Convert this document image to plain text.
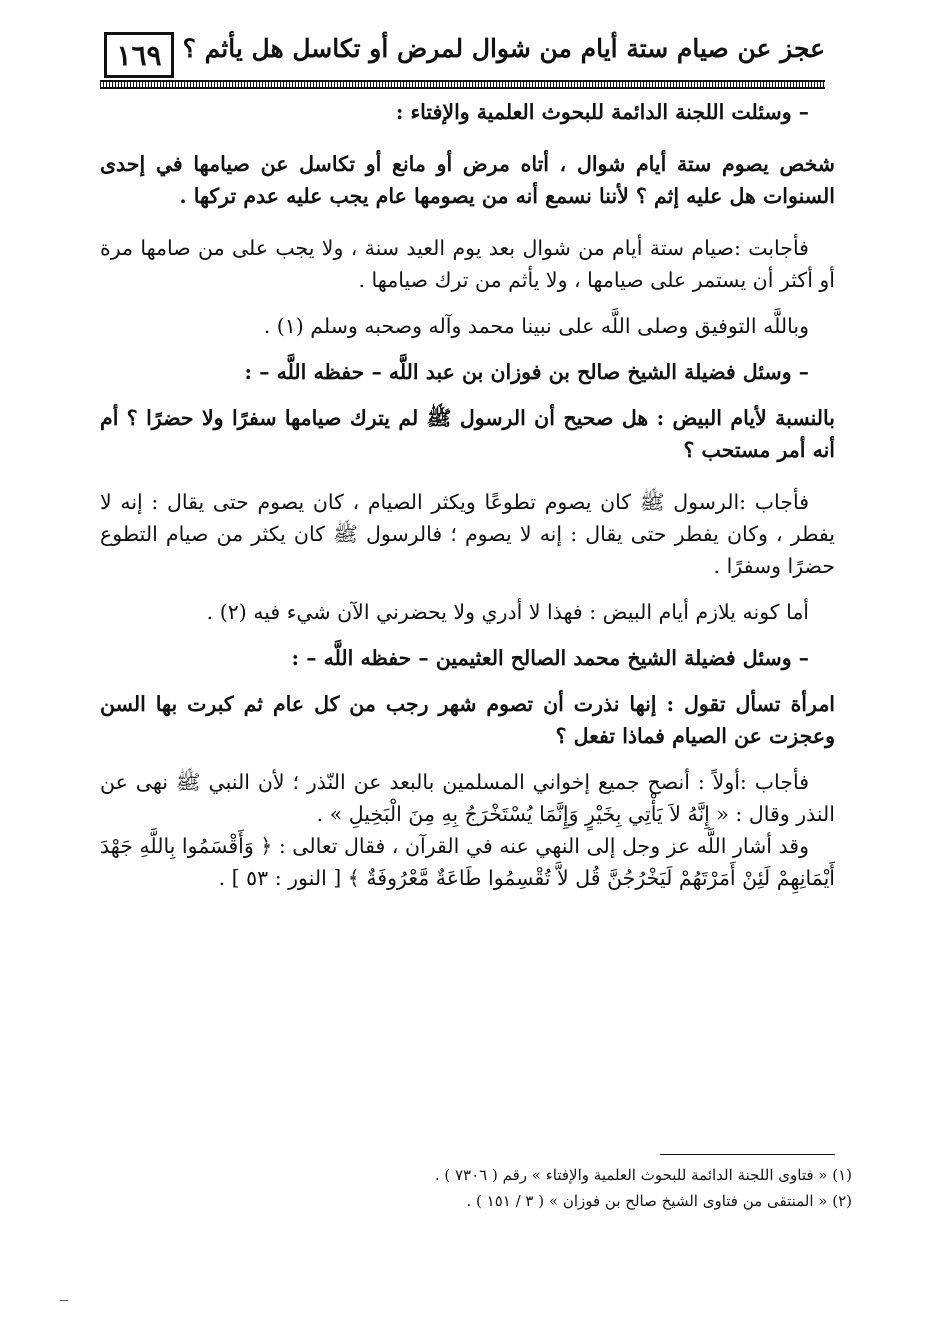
١٦٩ عجز عن صيام ستة أيام من شوال لمرض أو تكاسل هل يأثم ؟

– وسئلت اللجنة الدائمة للبحوث العلمية والإفتاء :

شخص يصوم ستة أيام شوال ، أتاه مرض أو مانع أو تكاسل عن صيامها في إحدى السنوات هل عليه إثم ؟ لأننا نسمع أنه من يصومها عام يجب عليه عدم تركها .

فأجابت :صيام ستة أيام من شوال بعد يوم العيد سنة ، ولا يجب على من صامها مرة أو أكثر أن يستمر على صيامها ، ولا يأثم من ترك صيامها .

وباللَّه التوفيق وصلى اللَّه على نبينا محمد وآله وصحبه وسلم (١) .

– وسئل فضيلة الشيخ صالح بن فوزان بن عبد اللَّه – حفظه اللَّه – :

بالنسبة لأيام البيض : هل صحيح أن الرسول ﷺ لم يترك صيامها سفرًا ولا حضرًا ؟ أم أنه أمر مستحب ؟

فأجاب :الرسول ﷺ كان يصوم تطوعًا ويكثر الصيام ، كان يصوم حتى يقال : إنه لا يفطر ، وكان يفطر حتى يقال : إنه لا يصوم ؛ فالرسول ﷺ كان يكثر من صيام التطوع حضرًا وسفرًا .

أما كونه يلازم أيام البيض : فهذا لا أدري ولا يحضرني الآن شيء فيه (٢) .

– وسئل فضيلة الشيخ محمد الصالح العثيمين – حفظه اللَّه – :

امرأة تسأل تقول : إنها نذرت أن تصوم شهر رجب من كل عام ثم كبرت بها السن وعجزت عن الصيام فماذا تفعل ؟

فأجاب :أولاً : أنصح جميع إخواني المسلمين بالبعد عن النّذر ؛ لأن النبي ﷺ نهى عن النذر وقال : « إِنَّهُ لاَ يَأْتِي بِخَيْرٍ وَإِنَّمَا يُسْتَخْرَجُ بِهِ مِنَ الْبَخِيلِ » .

وقد أشار اللَّه عز وجل إلى النهي عنه في القرآن ، فقال تعالى : ﴿ وَأَقْسَمُوا بِاللَّهِ جَهْدَ أَيْمَانِهِمْ لَئِنْ أَمَرْتَهُمْ لَيَخْرُجُنَّ قُل لاَّ تُقْسِمُوا طَاعَةٌ مَّعْرُوفَةٌ ﴾ [ النور : ٥٣ ] .

(١) « فتاوى اللجنة الدائمة للبحوث العلمية والإفتاء » رقم ( ٧٣٠٦ ) .

(٢) « المنتقى من فتاوى الشيخ صالح بن فوزان » ( ٣ / ١٥١ ) .
